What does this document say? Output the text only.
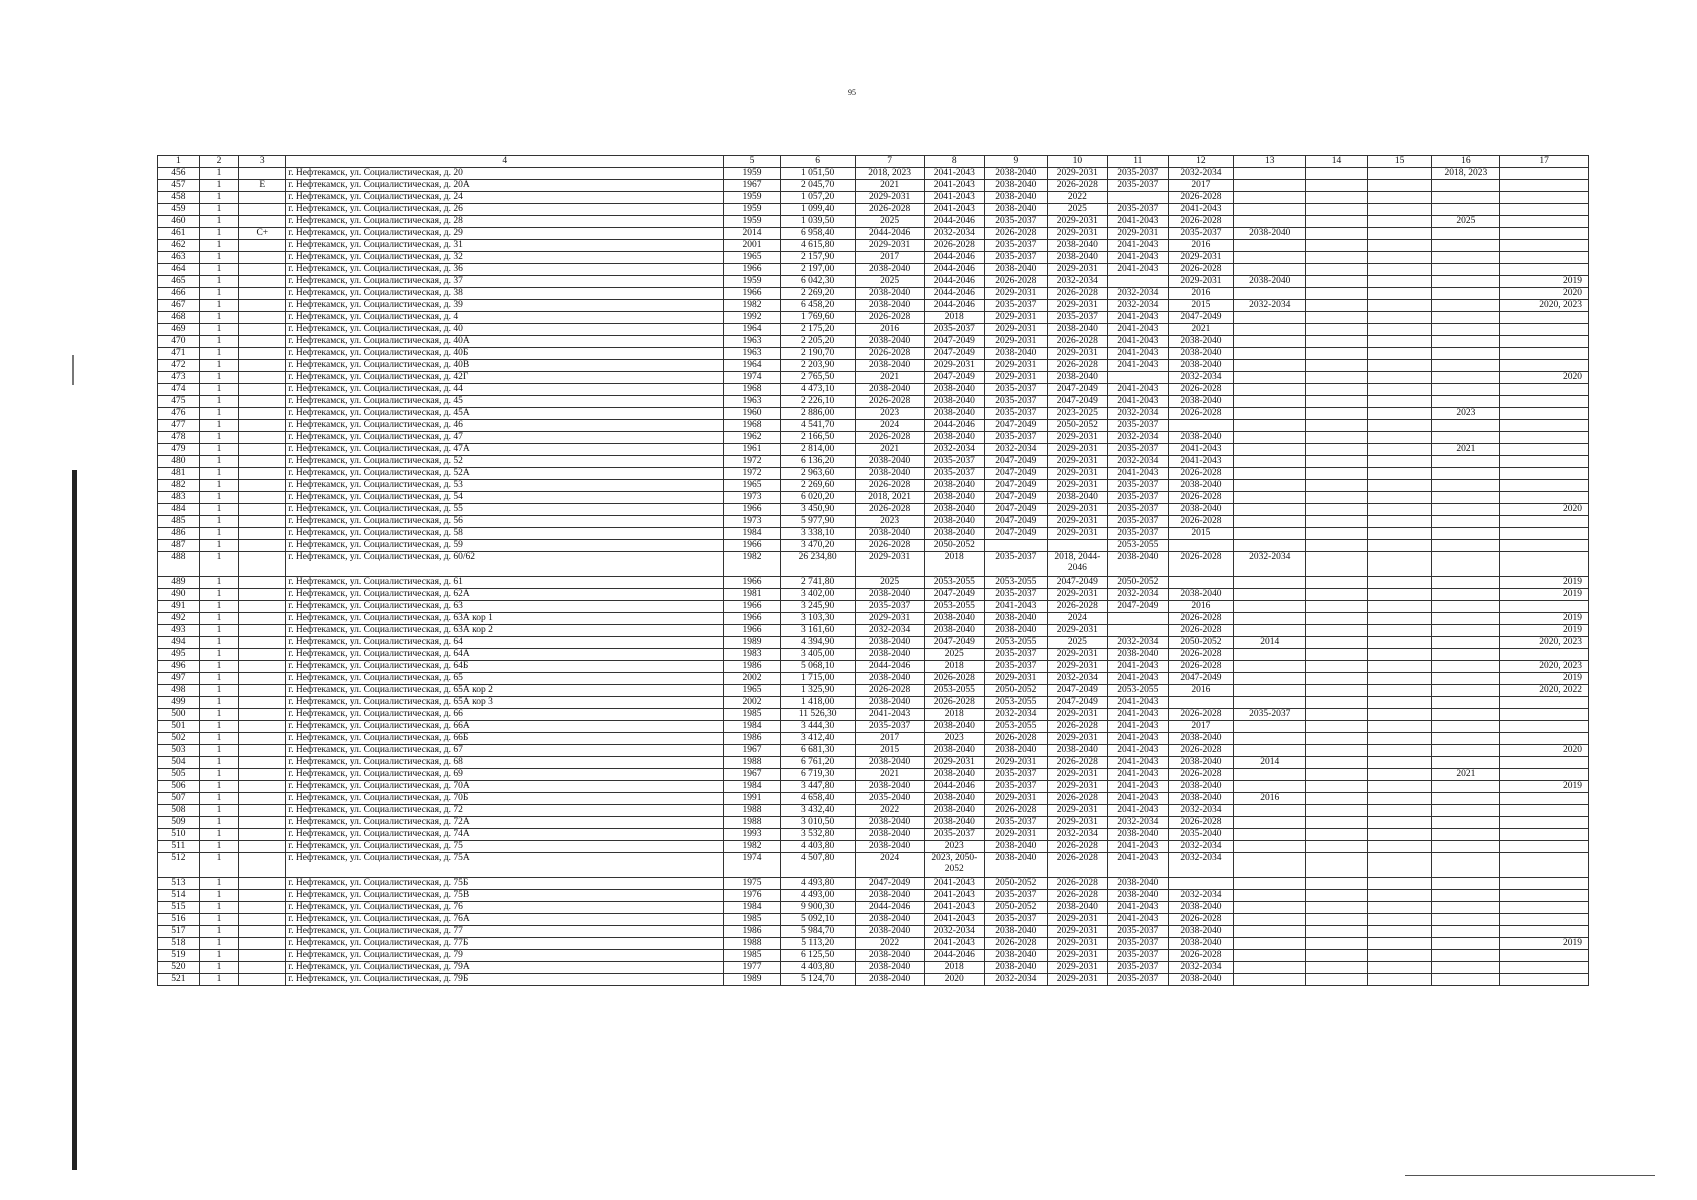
95
1	2	3	4	5	6	7	8	9	10	11	12	13	14	15	16	17
456	1		г. Нефтекамск, ул. Социалистическая, д. 20	1959	1 051,50	2018, 2023	2041-2043	2038-2040	2029-2031	2035-2037	2032-2034				2018, 2023	
457	1	Е	г. Нефтекамск, ул. Социалистическая, д. 20А	1967	2 045,70	2021	2041-2043	2038-2040	2026-2028	2035-2037	2017					
458	1		г. Нефтекамск, ул. Социалистическая, д. 24	1959	1 057,20	2029-2031	2041-2043	2038-2040	2022		2026-2028					
459	1		г. Нефтекамск, ул. Социалистическая, д. 26	1959	1 099,40	2026-2028	2041-2043	2038-2040	2025	2035-2037	2041-2043					
460	1		г. Нефтекамск, ул. Социалистическая, д. 28	1959	1 039,50	2025	2044-2046	2035-2037	2029-2031	2041-2043	2026-2028				2025	
461	1	С+	г. Нефтекамск, ул. Социалистическая, д. 29	2014	6 958,40	2044-2046	2032-2034	2026-2028	2029-2031	2029-2031	2035-2037	2038-2040				
462	1		г. Нефтекамск, ул. Социалистическая, д. 31	2001	4 615,80	2029-2031	2026-2028	2035-2037	2038-2040	2041-2043	2016					
463	1		г. Нефтекамск, ул. Социалистическая, д. 32	1965	2 157,90	2017	2044-2046	2035-2037	2038-2040	2041-2043	2029-2031					
464	1		г. Нефтекамск, ул. Социалистическая, д. 36	1966	2 197,00	2038-2040	2044-2046	2038-2040	2029-2031	2041-2043	2026-2028					
465	1		г. Нефтекамск, ул. Социалистическая, д. 37	1959	6 042,30	2025	2044-2046	2026-2028	2032-2034		2029-2031	2038-2040				2019
466	1		г. Нефтекамск, ул. Социалистическая, д. 38	1966	2 269,20	2038-2040	2044-2046	2029-2031	2026-2028	2032-2034	2016					2020
467	1		г. Нефтекамск, ул. Социалистическая, д. 39	1982	6 458,20	2038-2040	2044-2046	2035-2037	2029-2031	2032-2034	2015	2032-2034				2020, 2023
468	1		г. Нефтекамск, ул. Социалистическая, д. 4	1992	1 769,60	2026-2028	2018	2029-2031	2035-2037	2041-2043	2047-2049					
469	1		г. Нефтекамск, ул. Социалистическая, д. 40	1964	2 175,20	2016	2035-2037	2029-2031	2038-2040	2041-2043	2021					
470	1		г. Нефтекамск, ул. Социалистическая, д. 40А	1963	2 205,20	2038-2040	2047-2049	2029-2031	2026-2028	2041-2043	2038-2040					
471	1		г. Нефтекамск, ул. Социалистическая, д. 40Б	1963	2 190,70	2026-2028	2047-2049	2038-2040	2029-2031	2041-2043	2038-2040					
472	1		г. Нефтекамск, ул. Социалистическая, д. 40В	1964	2 203,90	2038-2040	2029-2031	2029-2031	2026-2028	2041-2043	2038-2040					
473	1		г. Нефтекамск, ул. Социалистическая, д. 42Г	1974	2 765,50	2021	2047-2049	2029-2031	2038-2040		2032-2034					2020
474	1		г. Нефтекамск, ул. Социалистическая, д. 44	1968	4 473,10	2038-2040	2038-2040	2035-2037	2047-2049	2041-2043	2026-2028					
475	1		г. Нефтекамск, ул. Социалистическая, д. 45	1963	2 226,10	2026-2028	2038-2040	2035-2037	2047-2049	2041-2043	2038-2040					
476	1		г. Нефтекамск, ул. Социалистическая, д. 45А	1960	2 886,00	2023	2038-2040	2035-2037	2023-2025	2032-2034	2026-2028				2023	
477	1		г. Нефтекамск, ул. Социалистическая, д. 46	1968	4 541,70	2024	2044-2046	2047-2049	2050-2052	2035-2037						
478	1		г. Нефтекамск, ул. Социалистическая, д. 47	1962	2 166,50	2026-2028	2038-2040	2035-2037	2029-2031	2032-2034	2038-2040					
479	1		г. Нефтекамск, ул. Социалистическая, д. 47А	1961	2 814,00	2021	2032-2034	2032-2034	2029-2031	2035-2037	2041-2043				2021	
480	1		г. Нефтекамск, ул. Социалистическая, д. 52	1972	6 136,20	2038-2040	2035-2037	2047-2049	2029-2031	2032-2034	2041-2043					
481	1		г. Нефтекамск, ул. Социалистическая, д. 52А	1972	2 963,60	2038-2040	2035-2037	2047-2049	2029-2031	2041-2043	2026-2028					
482	1		г. Нефтекамск, ул. Социалистическая, д. 53	1965	2 269,60	2026-2028	2038-2040	2047-2049	2029-2031	2035-2037	2038-2040					
483	1		г. Нефтекамск, ул. Социалистическая, д. 54	1973	6 020,20	2018, 2021	2038-2040	2047-2049	2038-2040	2035-2037	2026-2028					
484	1		г. Нефтекамск, ул. Социалистическая, д. 55	1966	3 450,90	2026-2028	2038-2040	2047-2049	2029-2031	2035-2037	2038-2040					2020
485	1		г. Нефтекамск, ул. Социалистическая, д. 56	1973	5 977,90	2023	2038-2040	2047-2049	2029-2031	2035-2037	2026-2028					
486	1		г. Нефтекамск, ул. Социалистическая, д. 58	1984	3 338,10	2038-2040	2038-2040	2047-2049	2029-2031	2035-2037	2015					
487	1		г. Нефтекамск, ул. Социалистическая, д. 59	1966	3 470,20	2026-2028	2050-2052			2053-2055						
488	1		г. Нефтекамск, ул. Социалистическая, д. 60/62	1982	26 234,80	2029-2031	2018	2035-2037	2018, 2044-2046	2038-2040	2026-2028	2032-2034				
489	1		г. Нефтекамск, ул. Социалистическая, д. 61	1966	2 741,80	2025	2053-2055	2053-2055	2047-2049	2050-2052						2019
490	1		г. Нефтекамск, ул. Социалистическая, д. 62А	1981	3 402,00	2038-2040	2047-2049	2035-2037	2029-2031	2032-2034	2038-2040					2019
491	1		г. Нефтекамск, ул. Социалистическая, д. 63	1966	3 245,90	2035-2037	2053-2055	2041-2043	2026-2028	2047-2049	2016					
492	1		г. Нефтекамск, ул. Социалистическая, д. 63А кор 1	1966	3 103,30	2029-2031	2038-2040	2038-2040	2024		2026-2028					2019
493	1		г. Нефтекамск, ул. Социалистическая, д. 63А кор 2	1966	3 161,60	2032-2034	2038-2040	2038-2040	2029-2031		2026-2028					2019
494	1		г. Нефтекамск, ул. Социалистическая, д. 64	1989	4 394,90	2038-2040	2047-2049	2053-2055	2025	2032-2034	2050-2052	2014				2020, 2023
495	1		г. Нефтекамск, ул. Социалистическая, д. 64А	1983	3 405,00	2038-2040	2025	2035-2037	2029-2031	2038-2040	2026-2028					
496	1		г. Нефтекамск, ул. Социалистическая, д. 64Б	1986	5 068,10	2044-2046	2018	2035-2037	2029-2031	2041-2043	2026-2028					2020, 2023
497	1		г. Нефтекамск, ул. Социалистическая, д. 65	2002	1 715,00	2038-2040	2026-2028	2029-2031	2032-2034	2041-2043	2047-2049					2019
498	1		г. Нефтекамск, ул. Социалистическая, д. 65А кор 2	1965	1 325,90	2026-2028	2053-2055	2050-2052	2047-2049	2053-2055	2016					2020, 2022
499	1		г. Нефтекамск, ул. Социалистическая, д. 65А кор 3	2002	1 418,00	2038-2040	2026-2028	2053-2055	2047-2049	2041-2043						
500	1		г. Нефтекамск, ул. Социалистическая, д. 66	1985	11 526,30	2041-2043	2018	2032-2034	2029-2031	2041-2043	2026-2028	2035-2037				
501	1		г. Нефтекамск, ул. Социалистическая, д. 66А	1984	3 444,30	2035-2037	2038-2040	2053-2055	2026-2028	2041-2043	2017					
502	1		г. Нефтекамск, ул. Социалистическая, д. 66Б	1986	3 412,40	2017	2023	2026-2028	2029-2031	2041-2043	2038-2040					
503	1		г. Нефтекамск, ул. Социалистическая, д. 67	1967	6 681,30	2015	2038-2040	2038-2040	2038-2040	2041-2043	2026-2028					2020
504	1		г. Нефтекамск, ул. Социалистическая, д. 68	1988	6 761,20	2038-2040	2029-2031	2029-2031	2026-2028	2041-2043	2038-2040	2014				
505	1		г. Нефтекамск, ул. Социалистическая, д. 69	1967	6 719,30	2021	2038-2040	2035-2037	2029-2031	2041-2043	2026-2028				2021	
506	1		г. Нефтекамск, ул. Социалистическая, д. 70А	1984	3 447,80	2038-2040	2044-2046	2035-2037	2029-2031	2041-2043	2038-2040					2019
507	1		г. Нефтекамск, ул. Социалистическая, д. 70Б	1991	4 658,40	2035-2040	2038-2040	2029-2031	2026-2028	2041-2043	2038-2040	2016				
508	1		г. Нефтекамск, ул. Социалистическая, д. 72	1988	3 432,40	2022	2038-2040	2026-2028	2029-2031	2041-2043	2032-2034					
509	1		г. Нефтекамск, ул. Социалистическая, д. 72А	1988	3 010,50	2038-2040	2038-2040	2035-2037	2029-2031	2032-2034	2026-2028					
510	1		г. Нефтекамск, ул. Социалистическая, д. 74А	1993	3 532,80	2038-2040	2035-2037	2029-2031	2032-2034	2038-2040	2035-2040					
511	1		г. Нефтекамск, ул. Социалистическая, д. 75	1982	4 403,80	2038-2040	2023	2038-2040	2026-2028	2041-2043	2032-2034					
512	1		г. Нефтекамск, ул. Социалистическая, д. 75А	1974	4 507,80	2024	2023, 2050-2052	2038-2040	2026-2028	2041-2043	2032-2034					
513	1		г. Нефтекамск, ул. Социалистическая, д. 75Б	1975	4 493,80	2047-2049	2041-2043	2050-2052	2026-2028	2038-2040						
514	1		г. Нефтекамск, ул. Социалистическая, д. 75В	1976	4 493,00	2038-2040	2041-2043	2035-2037	2026-2028	2038-2040	2032-2034					
515	1		г. Нефтекамск, ул. Социалистическая, д. 76	1984	9 900,30	2044-2046	2041-2043	2050-2052	2038-2040	2041-2043	2038-2040					
516	1		г. Нефтекамск, ул. Социалистическая, д. 76А	1985	5 092,10	2038-2040	2041-2043	2035-2037	2029-2031	2041-2043	2026-2028					
517	1		г. Нефтекамск, ул. Социалистическая, д. 77	1986	5 984,70	2038-2040	2032-2034	2038-2040	2029-2031	2035-2037	2038-2040					
518	1		г. Нефтекамск, ул. Социалистическая, д. 77Б	1988	5 113,20	2022	2041-2043	2026-2028	2029-2031	2035-2037	2038-2040					2019
519	1		г. Нефтекамск, ул. Социалистическая, д. 79	1985	6 125,50	2038-2040	2044-2046	2038-2040	2029-2031	2035-2037	2026-2028					
520	1		г. Нефтекамск, ул. Социалистическая, д. 79А	1977	4 403,80	2038-2040	2018	2038-2040	2029-2031	2035-2037	2032-2034					
521	1		г. Нефтекамск, ул. Социалистическая, д. 79Б	1989	5 124,70	2038-2040	2020	2032-2034	2029-2031	2035-2037	2038-2040					
